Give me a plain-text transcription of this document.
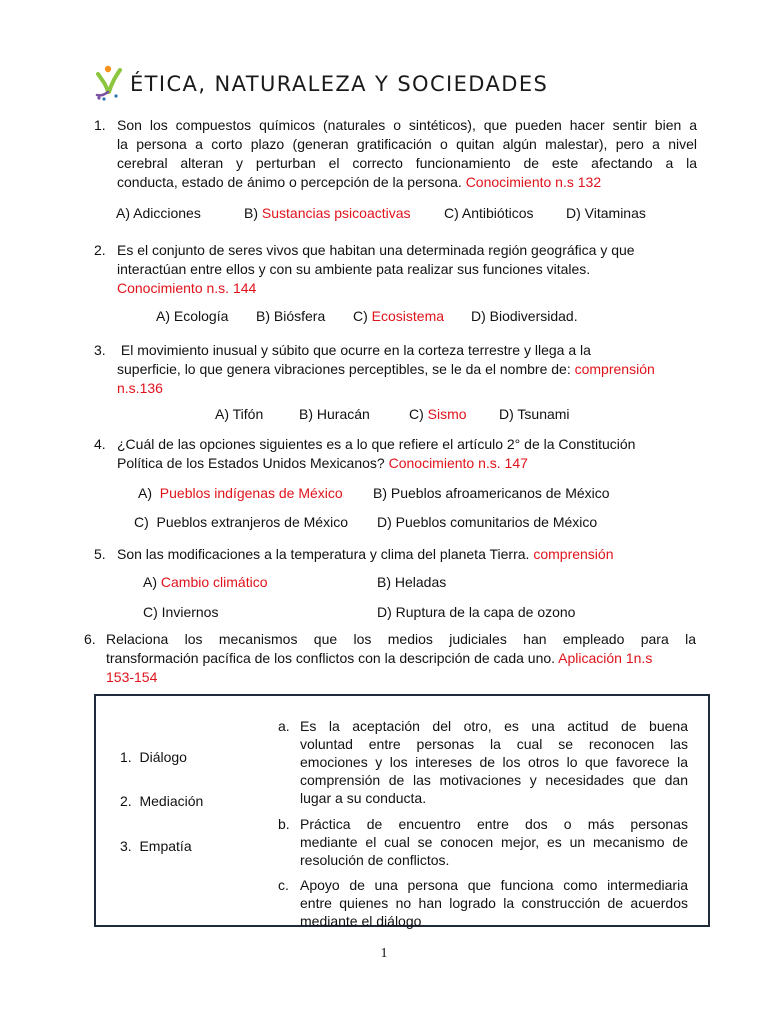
ÉTICA, NATURALEZA Y SOCIEDADES
1. Son los compuestos químicos (naturales o sintéticos), que pueden hacer sentir bien a
la persona a corto plazo (generan gratificación o quitan algún malestar), pero a nivel
cerebral alteran y perturban el correcto funcionamiento de este afectando a la
conducta, estado de ánimo o percepción de la persona. Conocimiento n.s 132
A) Adicciones	B) Sustancias psicoactivas C) Antibióticos D) Vitaminas
2. Es el conjunto de seres vivos que habitan una determinada región geográfica y que
interactúan entre ellos y con su ambiente pata realizar sus funciones vitales.
Conocimiento n.s. 144
A) Ecología B) Biósfera C) Ecosistema D) Biodiversidad.
3. El movimiento inusual y súbito que ocurre en la corteza terrestre y llega a la
superficie, lo que genera vibraciones perceptibles, se le da el nombre de: comprensión
n.s.136
A) Tifón	B) Huracán	C) Sismo D) Tsunami
4. ¿Cuál de las opciones siguientes es a lo que refiere el artículo 2° de la Constitución
Política de los Estados Unidos Mexicanos? Conocimiento n.s. 147
A) Pueblos indígenas de México B) Pueblos afroamericanos de México
C)  Pueblos extranjeros de México D) Pueblos comunitarios de México
5. Son las modificaciones a la temperatura y clima del planeta Tierra. comprensión
A) Cambio climático	B) Heladas
C) Inviernos	D) Ruptura de la capa de ozono
6. Relaciona los mecanismos que los medios judiciales han empleado para la
transformación pacífica de los conflictos con la descripción de cada uno. Aplicación 1n.s
153-154
1. Diálogo
2. Mediación
3. Empatía
a. Es la aceptación del otro, es una actitud de buena
voluntad entre personas la cual se reconocen las
emociones y los intereses de los otros lo que favorece la
comprensión de las motivaciones y necesidades que dan
lugar a su conducta.
b. Práctica de encuentro entre dos o más personas
mediante el cual se conocen mejor, es un mecanismo de
resolución de conflictos.
c. Apoyo de una persona que funciona como intermediaria
entre quienes no han logrado la construcción de acuerdos
mediante el diálogo
1
